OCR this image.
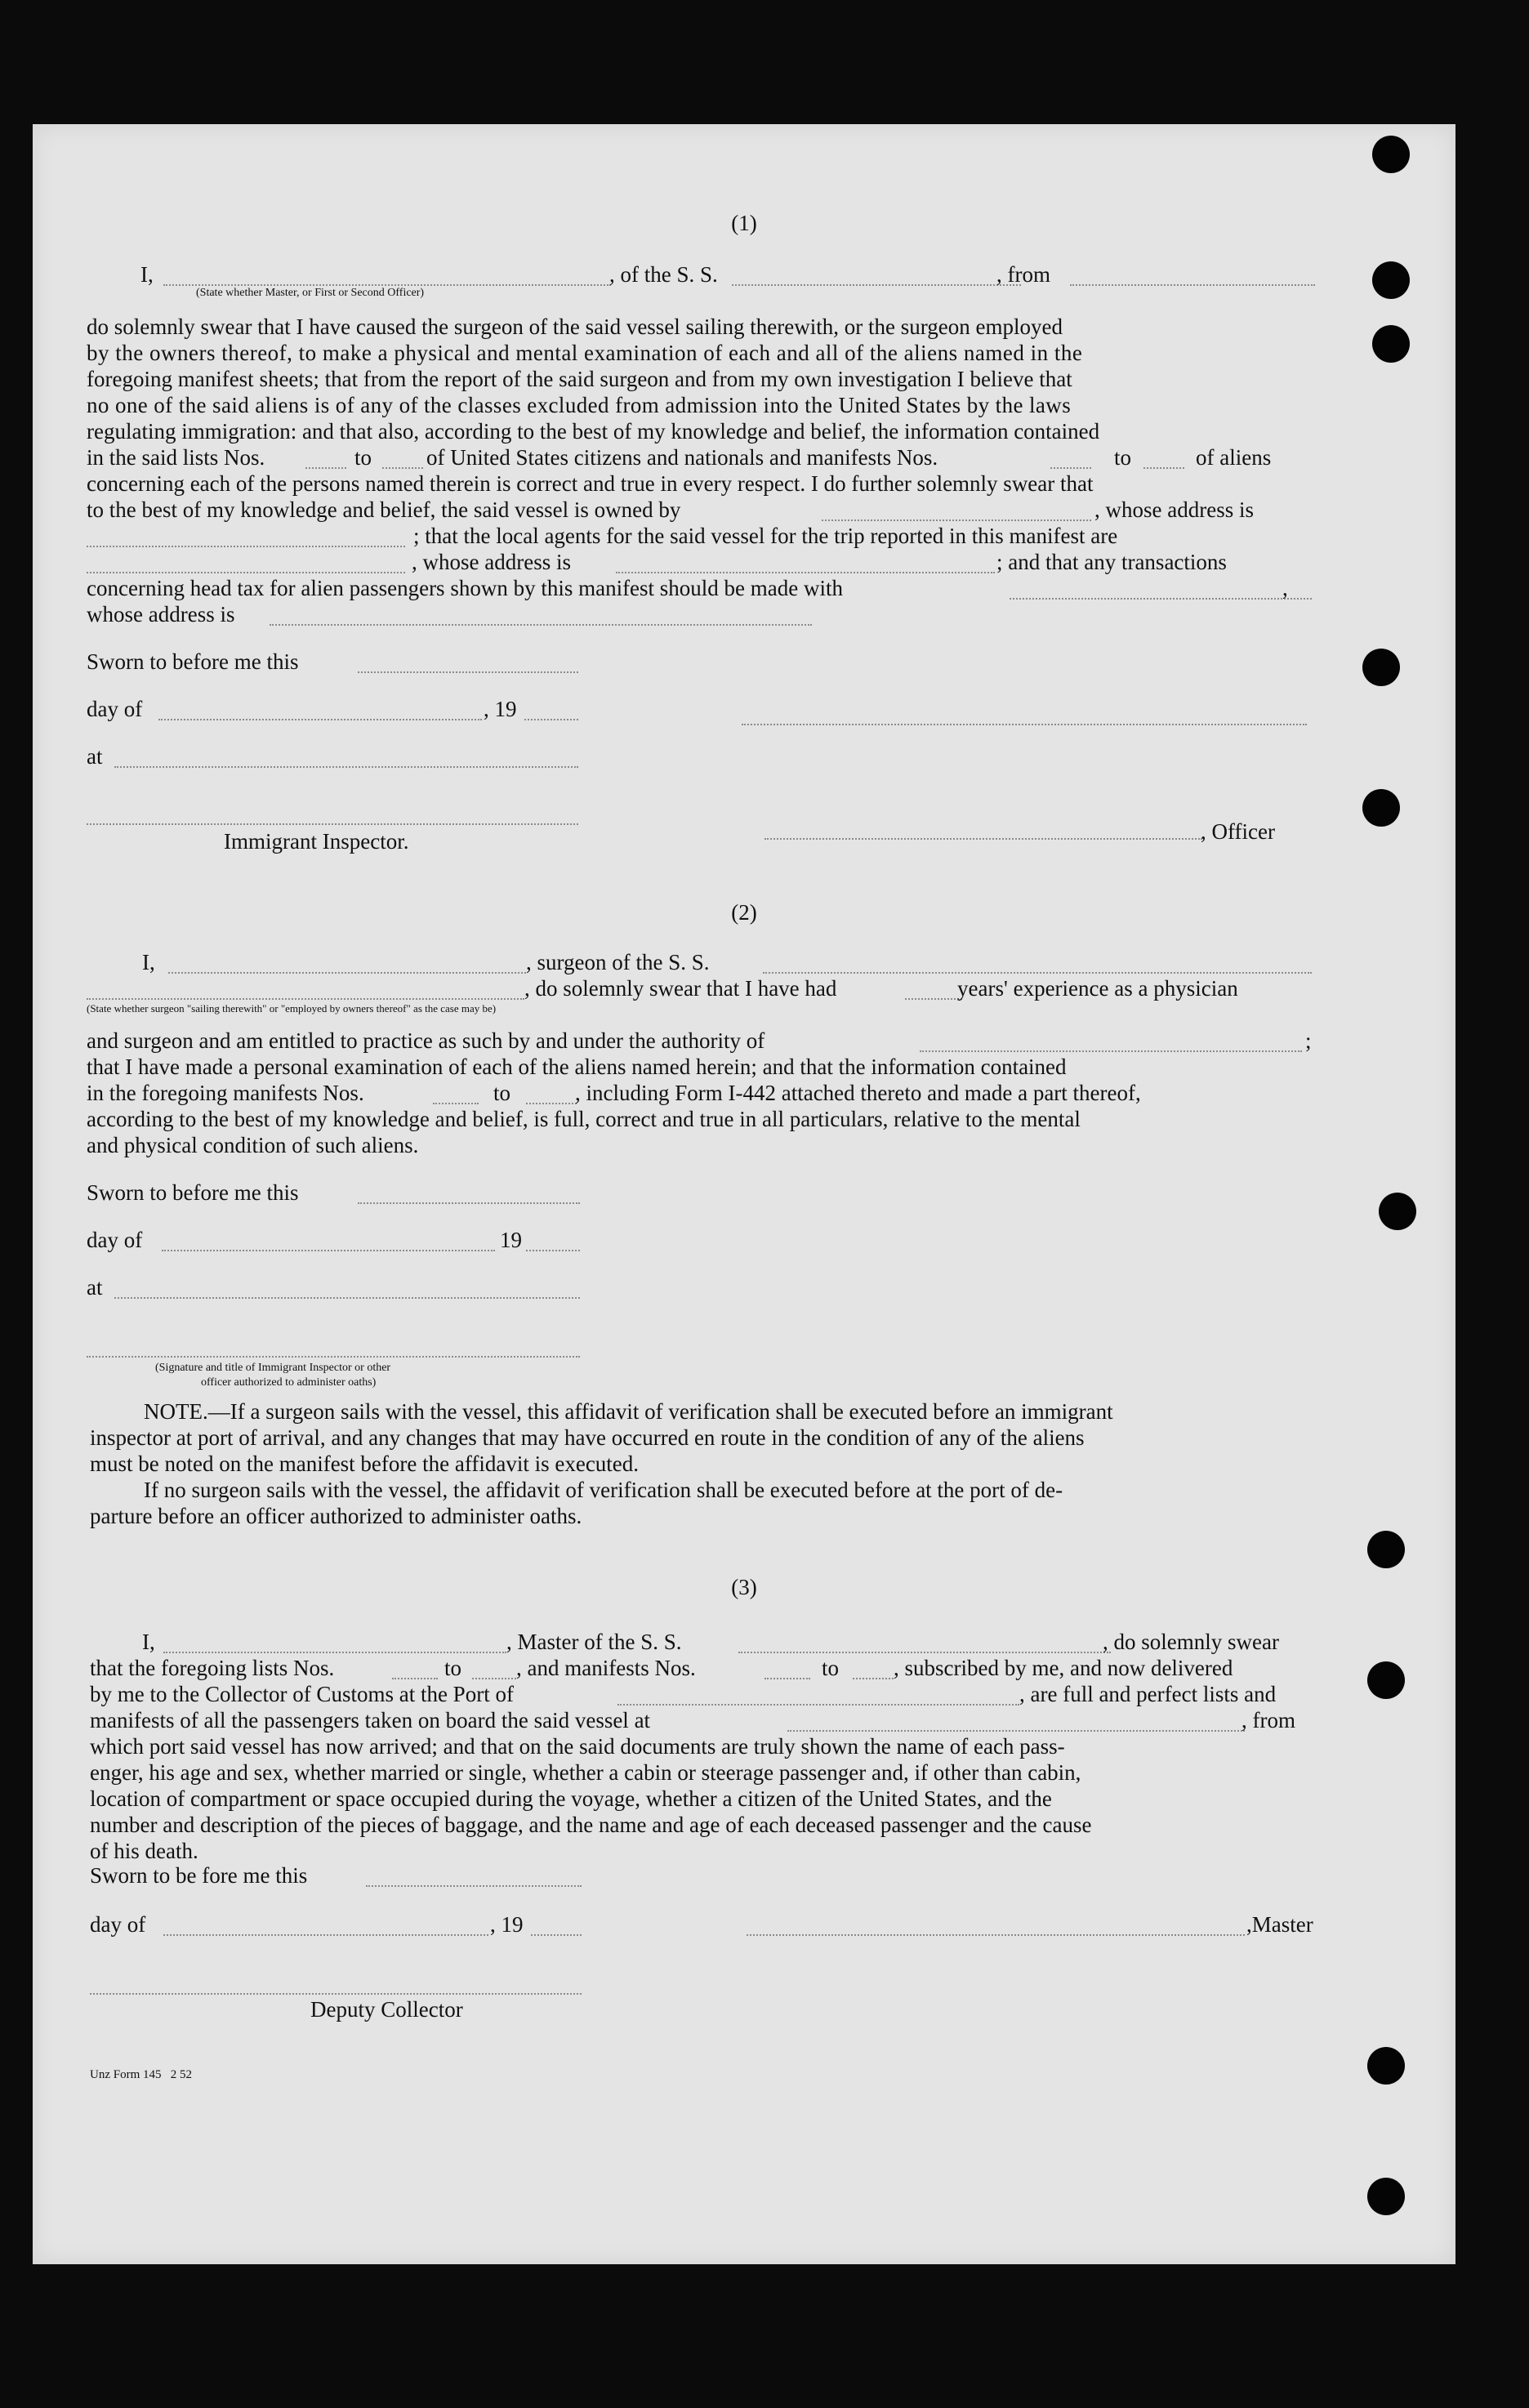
(1)
I,	, of the S. S.	, from
(State whether Master, or First or Second Officer)
do solemnly swear that I have caused the surgeon of the said vessel sailing therewith, or the surgeon employed
by the owners thereof, to make a physical and mental examination of each and all of the aliens named in the
foregoing manifest sheets; that from the report of the said surgeon and from my own investigation I believe that
no one of the said aliens is of any of the classes excluded from admission into the United States by the laws
regulating immigration: and that also, according to the best of my knowledge and belief, the information contained
in the said lists Nos.	to of United States citizens and nationals and manifests Nos.	to	of aliens
concerning each of the persons named therein is correct and true in every respect. I do further solemnly swear that
to the best of my knowledge and belief, the said vessel is owned by	, whose address is
; that the local agents for the said vessel for the trip reported in this manifest are
, whose address is	; and that any transactions
concerning head tax for alien passengers shown by this manifest should be made with	,
whose address is
Sworn to before me this
day of	, 19
at
Immigrant Inspector.	, Officer
(2)
I,	, surgeon of the S. S.
, do solemnly swear that I have had	years' experience as a physician
(State whether surgeon "sailing therewith" or "employed by owners thereof" as the case may be)
and surgeon and am entitled to practice as such by and under the authority of	;
that I have made a personal examination of each of the aliens named herein; and that the information contained
in the foregoing manifests Nos.	to	, including Form I-442 attached thereto and made a part thereof,
according to the best of my knowledge and belief, is full, correct and true in all particulars, relative to the mental
and physical condition of such aliens.
Sworn to before me this
day of	19
at
(Signature and title of Immigrant Inspector or other
officer authorized to administer oaths)
NOTE.—If a surgeon sails with the vessel, this affidavit of verification shall be executed before an immigrant
inspector at port of arrival, and any changes that may have occurred en route in the condition of any of the aliens
must be noted on the manifest before the affidavit is executed.
If no surgeon sails with the vessel, the affidavit of verification shall be executed before at the port of de-
parture before an officer authorized to administer oaths.
(3)
I,	, Master of the S. S.	, do solemnly swear
that the foregoing lists Nos.	to , and manifests Nos.	to , subscribed by me, and now delivered
by me to the Collector of Customs at the Port of	, are full and perfect lists and
manifests of all the passengers taken on board the said vessel at	, from
which port said vessel has now arrived; and that on the said documents are truly shown the name of each pass-
enger, his age and sex, whether married or single, whether a cabin or steerage passenger and, if other than cabin,
location of compartment or space occupied during the voyage, whether a citizen of the United States, and the
number and description of the pieces of baggage, and the name and age of each deceased passenger and the cause
of his death.
Sworn to be fore me this
day of	, 19	,Master
Deputy Collector
Unz Form 145   2 52
